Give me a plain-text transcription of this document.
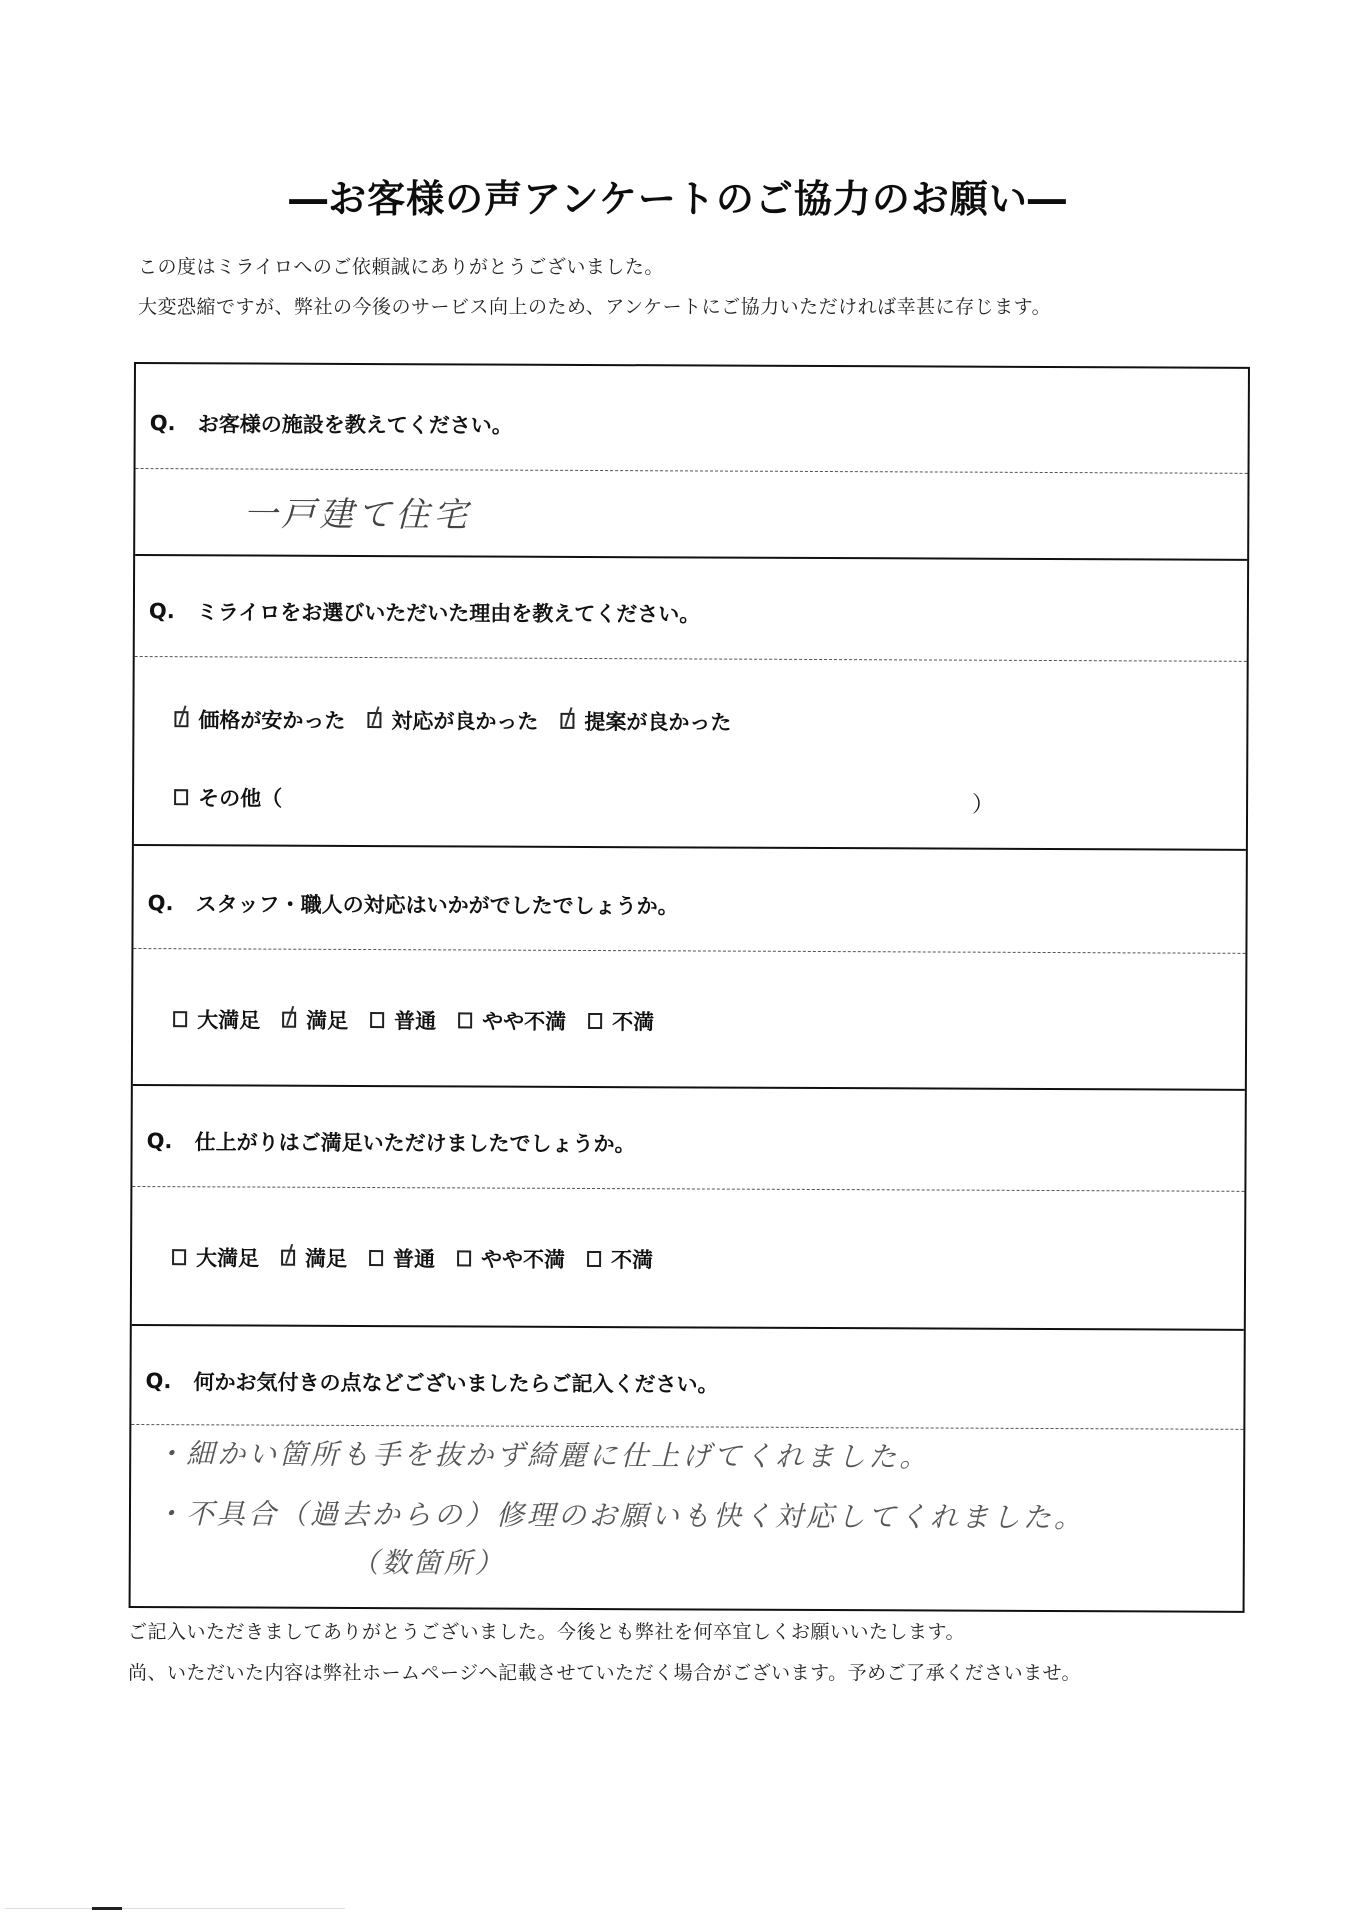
―お客様の声アンケートのご協力のお願い―
この度はミライロへのご依頼誠にありがとうございました。
大変恐縮ですが、弊社の今後のサービス向上のため、アンケートにご協力いただければ幸甚に存じます。
Q.	お客様の施設を教えてください。
一戸建て住宅
Q.	ミライロをお選びいただいた理由を教えてください。
価格が安かった 対応が良かった 提案が良かった
その他（	）
Q.	スタッフ・職人の対応はいかがでしたでしょうか。
大満足 満足 普通 やや不満 不満
Q.	仕上がりはご満足いただけましたでしょうか。
大満足 満足 普通 やや不満 不満
Q.	何かお気付きの点などございましたらご記入ください。
・細かい箇所も手を抜かず綺麗に仕上げてくれました。
・不具合（過去からの）修理のお願いも快く対応してくれました。
（数箇所）
ご記入いただきましてありがとうございました。今後とも弊社を何卒宜しくお願いいたします。
尚、いただいた内容は弊社ホームページへ記載させていただく場合がございます。予めご了承くださいませ。
